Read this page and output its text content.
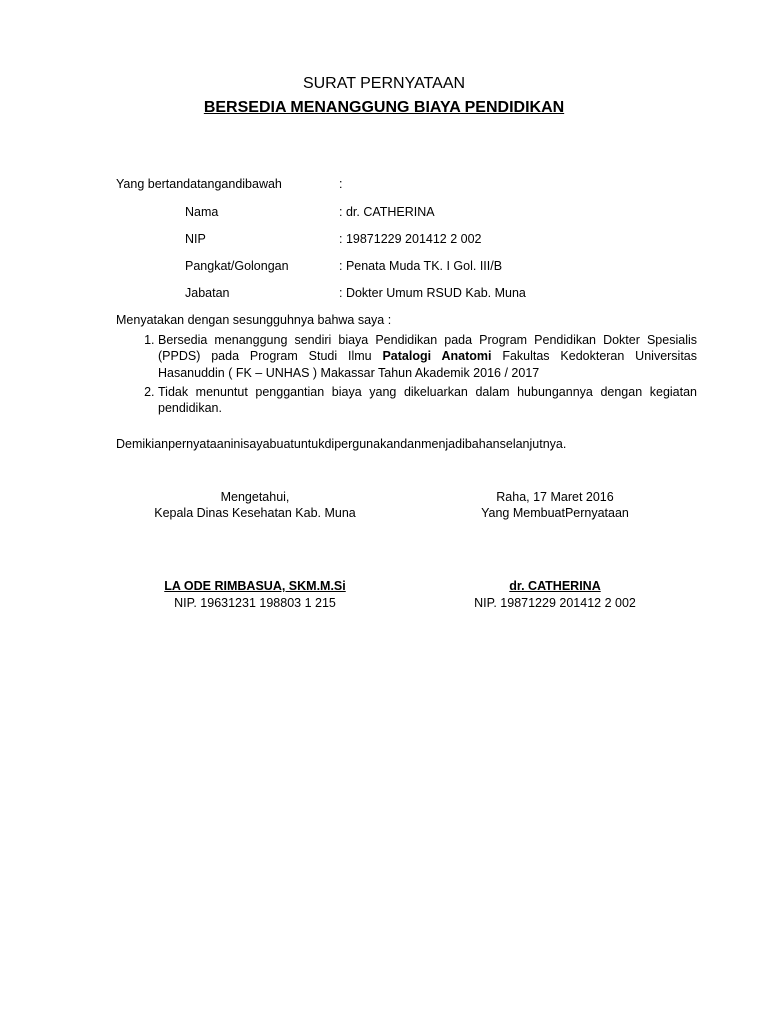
SURAT PERNYATAAN
BERSEDIA MENANGGUNG BIAYA PENDIDIKAN
Yang bertandatangandibawah	:
Nama	: dr. CATHERINA
NIP	: 19871229 201412 2 002
Pangkat/Golongan	: Penata Muda TK. I Gol. III/B
Jabatan	: Dokter Umum RSUD Kab. Muna
Menyatakan dengan sesungguhnya bahwa saya :
1. Bersedia menanggung sendiri biaya Pendidikan pada Program Pendidikan Dokter Spesialis (PPDS) pada Program Studi Ilmu Patalogi Anatomi Fakultas Kedokteran Universitas Hasanuddin ( FK – UNHAS ) Makassar Tahun Akademik 2016 / 2017
2. Tidak menuntut penggantian biaya yang dikeluarkan dalam hubungannya dengan kegiatan pendidikan.
Demikianpernyataaninisayabuatuntukdipergunakandanmenjadibahanselanjutnya.
Mengetahui,
Kepala Dinas Kesehatan Kab. Muna
LA ODE RIMBASUA, SKM.M.Si
NIP. 19631231 198803 1 215
Raha, 17 Maret 2016
Yang MembuatPernyataan
dr. CATHERINA
NIP. 19871229 201412 2 002
